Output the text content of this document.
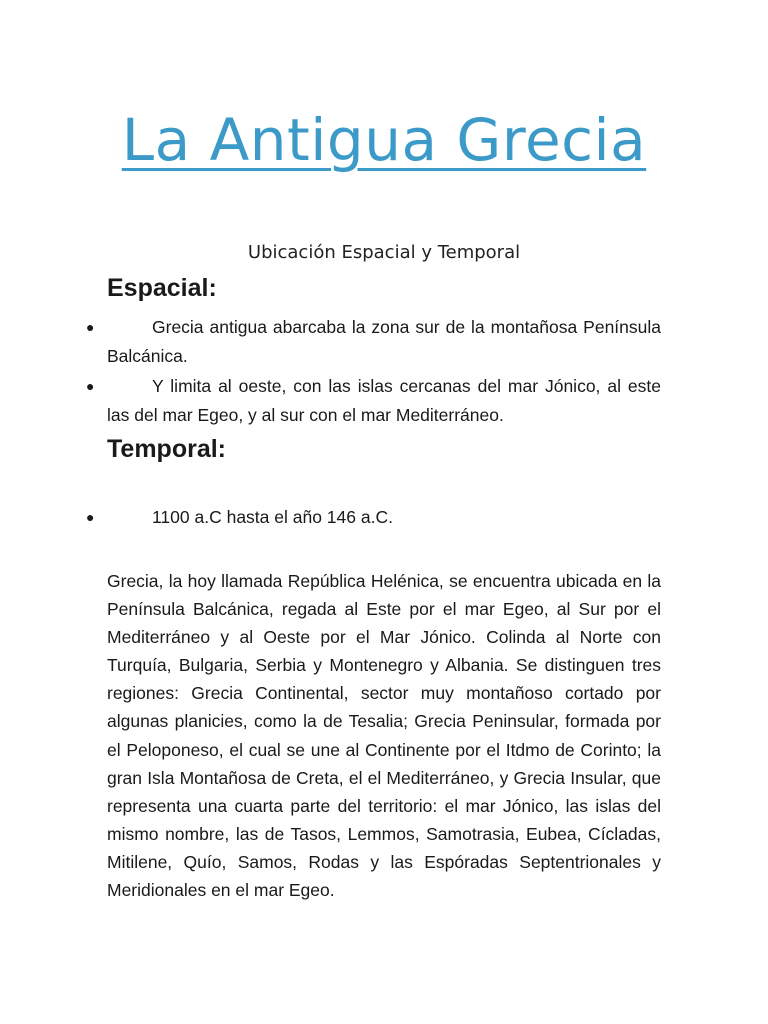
La Antigua Grecia
Ubicación Espacial y Temporal
Espacial:
●	Grecia antigua abarcaba la zona sur de la montañosa Península Balcánica.
●	Y limita al oeste, con las islas cercanas del mar Jónico, al este las del mar Egeo, y al sur con el mar Mediterráneo.
Temporal:
●	1100 a.C hasta el año 146 a.C.

Grecia, la hoy llamada República Helénica, se encuentra ubicada en la Península Balcánica, regada al Este por el mar Egeo, al Sur por el Mediterráneo y al Oeste por el Mar Jónico. Colinda al Norte con Turquía, Bulgaria, Serbia y Montenegro y Albania. Se distinguen tres regiones: Grecia Continental, sector muy montañoso cortado por algunas planicies, como la de Tesalia; Grecia Peninsular, formada por el Peloponeso, el cual se une al Continente por el Itdmo de Corinto; la gran Isla Montañosa de Creta, el el Mediterráneo, y Grecia Insular, que representa una cuarta parte del territorio: el mar Jónico, las islas del mismo nombre, las de Tasos, Lemmos, Samotrasia, Eubea, Cícladas, Mitilene, Quío, Samos, Rodas y las Espóradas Septentrionales y Meridionales en el mar Egeo.
